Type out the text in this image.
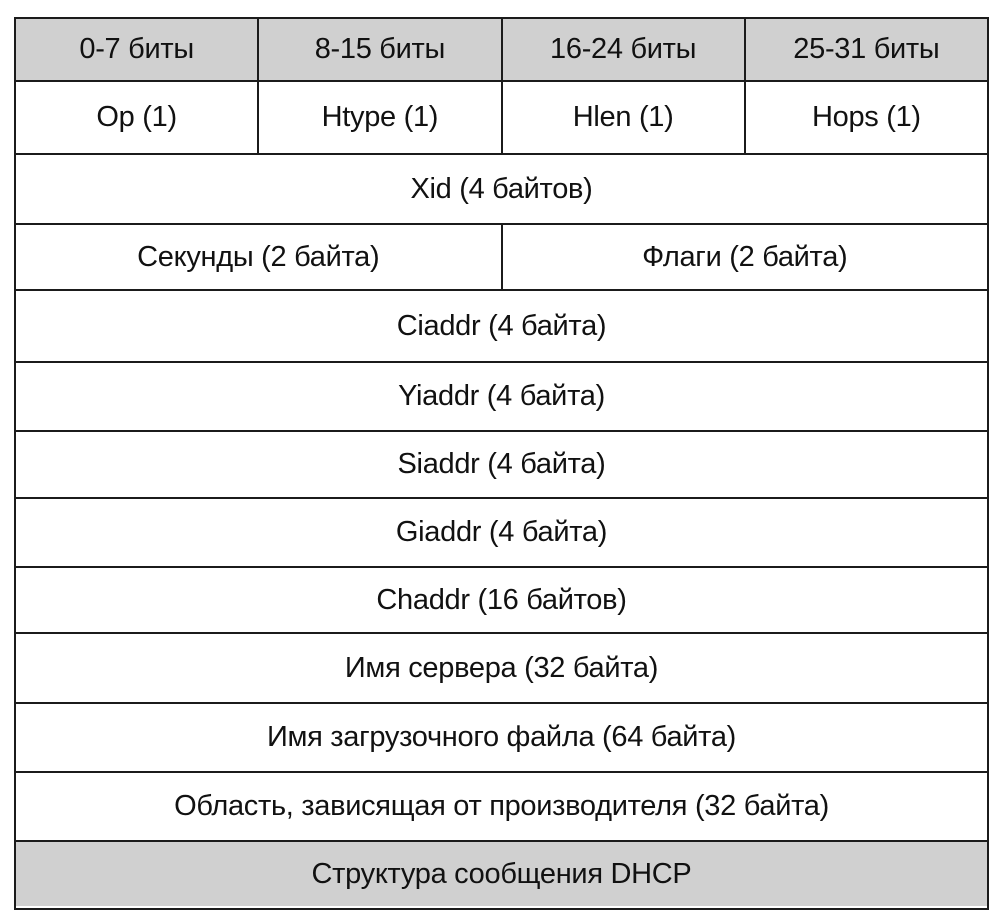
0-7 биты	8-15 биты	16-24 биты	25-31 биты
Op (1)	Htype (1)	Hlen (1)	Hops (1)
Xid (4 байтов)
Секунды (2 байта)	Флаги (2 байта)
Ciaddr (4 байта)
Yiaddr (4 байта)
Siaddr (4 байта)
Giaddr (4 байта)
Chaddr (16 байтов)
Имя сервера (32 байта)
Имя загрузочного файла (64 байта)
Область, зависящая от производителя (32 байта)
Структура сообщения DHCP
